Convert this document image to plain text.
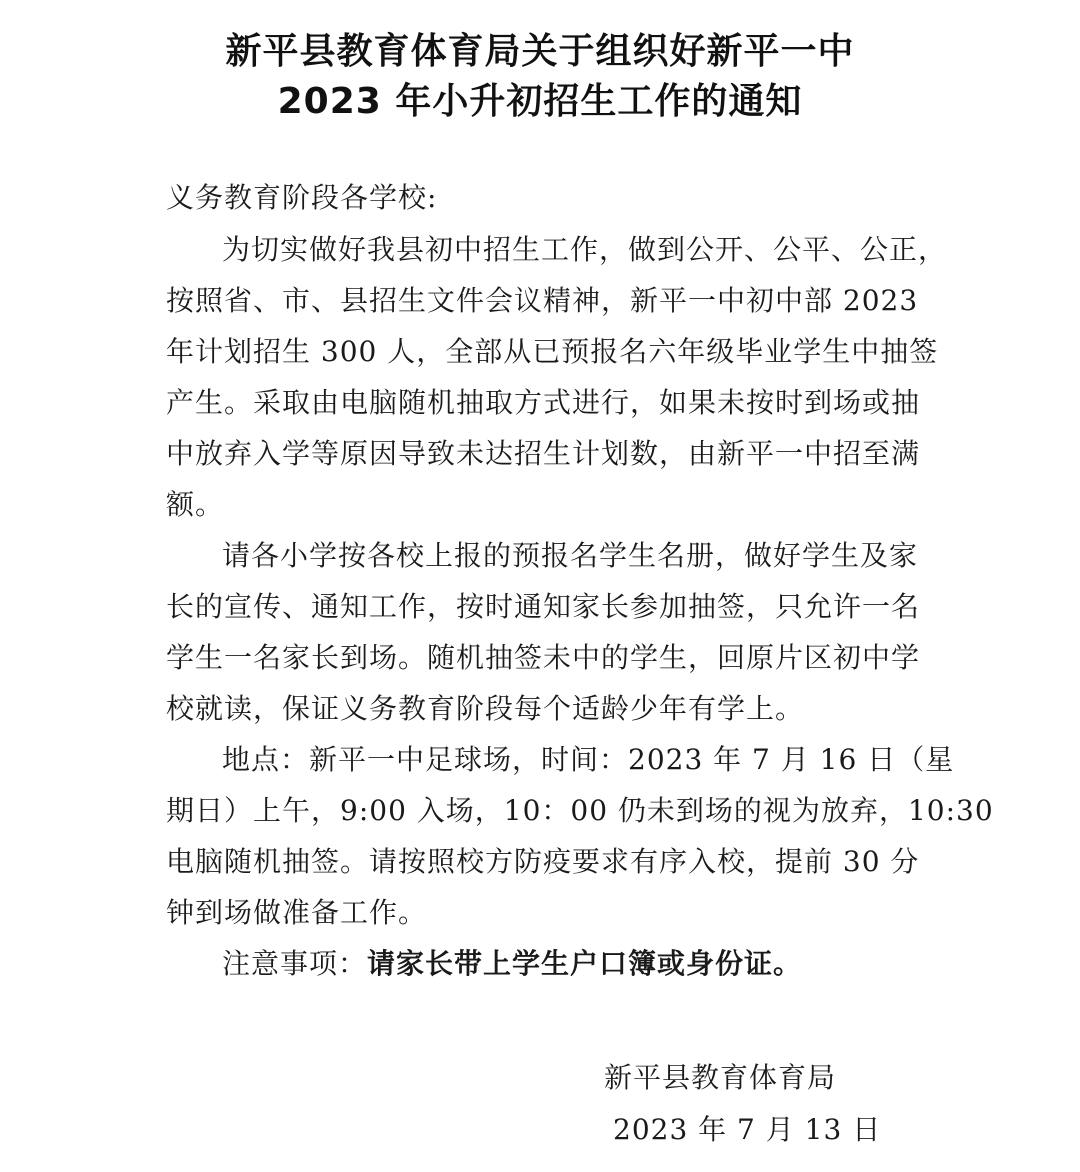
新平县教育体育局关于组织好新平一中
2023 年小升初招生工作的通知
义务教育阶段各学校:
为切实做好我县初中招生工作，做到公开、公平、公正，
按照省、市、县招生文件会议精神，新平一中初中部 2023
年计划招生 300 人，全部从已预报名六年级毕业学生中抽签
产生。采取由电脑随机抽取方式进行，如果未按时到场或抽
中放弃入学等原因导致未达招生计划数，由新平一中招至满
额。
请各小学按各校上报的预报名学生名册，做好学生及家
长的宣传、通知工作，按时通知家长参加抽签，只允许一名
学生一名家长到场。随机抽签未中的学生，回原片区初中学
校就读，保证义务教育阶段每个适龄少年有学上。
地点：新平一中足球场，时间：2023 年 7 月 16 日（星
期日）上午，9:00 入场，10：00 仍未到场的视为放弃，10:30
电脑随机抽签。请按照校方防疫要求有序入校，提前 30 分
钟到场做准备工作。
注意事项：请家长带上学生户口簿或身份证。
新平县教育体育局
2023 年 7 月 13 日
